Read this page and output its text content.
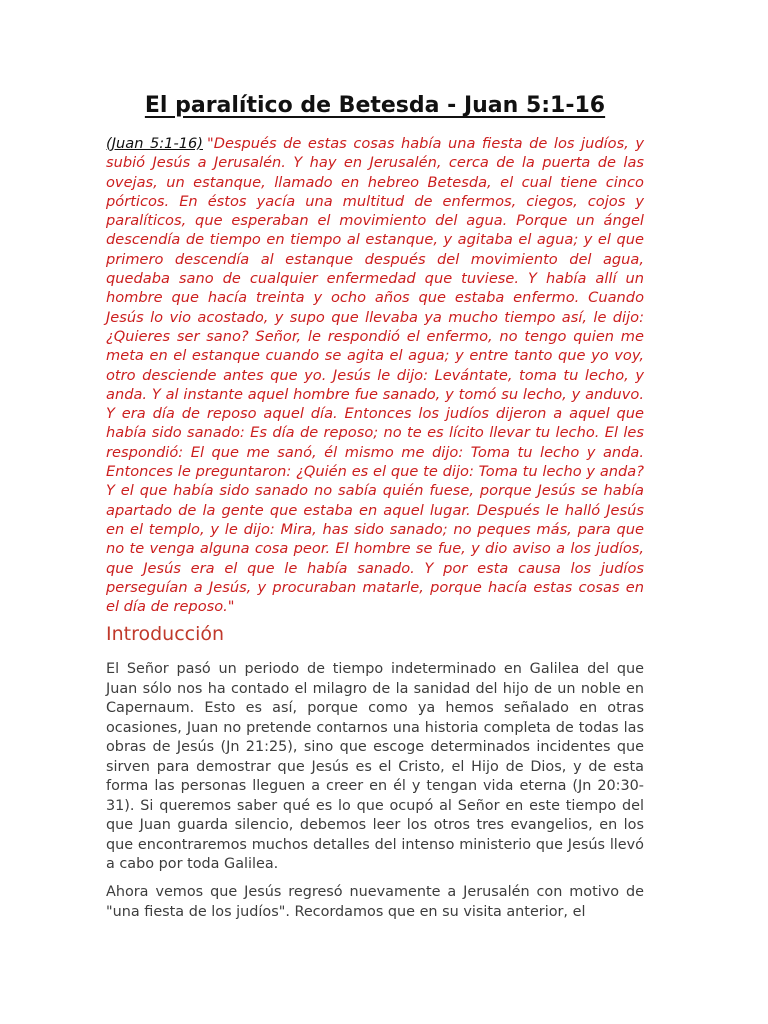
El paralítico de Betesda - Juan 5:1-16

(Juan 5:1-16) "Después de estas cosas había una fiesta de los judíos, y subió Jesús a Jerusalén. Y hay en Jerusalén, cerca de la puerta de las ovejas, un estanque, llamado en hebreo Betesda, el cual tiene cinco pórticos. En éstos yacía una multitud de enfermos, ciegos, cojos y paralíticos, que esperaban el movimiento del agua. Porque un ángel descendía de tiempo en tiempo al estanque, y agitaba el agua; y el que primero descendía al estanque después del movimiento del agua, quedaba sano de cualquier enfermedad que tuviese. Y había allí un hombre que hacía treinta y ocho años que estaba enfermo. Cuando Jesús lo vio acostado, y supo que llevaba ya mucho tiempo así, le dijo: ¿Quieres ser sano? Señor, le respondió el enfermo, no tengo quien me meta en el estanque cuando se agita el agua; y entre tanto que yo voy, otro desciende antes que yo. Jesús le dijo: Levántate, toma tu lecho, y anda. Y al instante aquel hombre fue sanado, y tomó su lecho, y anduvo. Y era día de reposo aquel día. Entonces los judíos dijeron a aquel que había sido sanado: Es día de reposo; no te es lícito llevar tu lecho. El les respondió: El que me sanó, él mismo me dijo: Toma tu lecho y anda. Entonces le preguntaron: ¿Quién es el que te dijo: Toma tu lecho y anda? Y el que había sido sanado no sabía quién fuese, porque Jesús se había apartado de la gente que estaba en aquel lugar. Después le halló Jesús en el templo, y le dijo: Mira, has sido sanado; no peques más, para que no te venga alguna cosa peor. El hombre se fue, y dio aviso a los judíos, que Jesús era el que le había sanado. Y por esta causa los judíos perseguían a Jesús, y procuraban matarle, porque hacía estas cosas en el día de reposo."

Introducción

El Señor pasó un periodo de tiempo indeterminado en Galilea del que Juan sólo nos ha contado el milagro de la sanidad del hijo de un noble en Capernaum. Esto es así, porque como ya hemos señalado en otras ocasiones, Juan no pretende contarnos una historia completa de todas las obras de Jesús (Jn 21:25), sino que escoge determinados incidentes que sirven para demostrar que Jesús es el Cristo, el Hijo de Dios, y de esta forma las personas lleguen a creer en él y tengan vida eterna (Jn 20:30-31). Si queremos saber qué es lo que ocupó al Señor en este tiempo del que Juan guarda silencio, debemos leer los otros tres evangelios, en los que encontraremos muchos detalles del intenso ministerio que Jesús llevó a cabo por toda Galilea.

Ahora vemos que Jesús regresó nuevamente a Jerusalén con motivo de "una fiesta de los judíos". Recordamos que en su visita anterior, el
